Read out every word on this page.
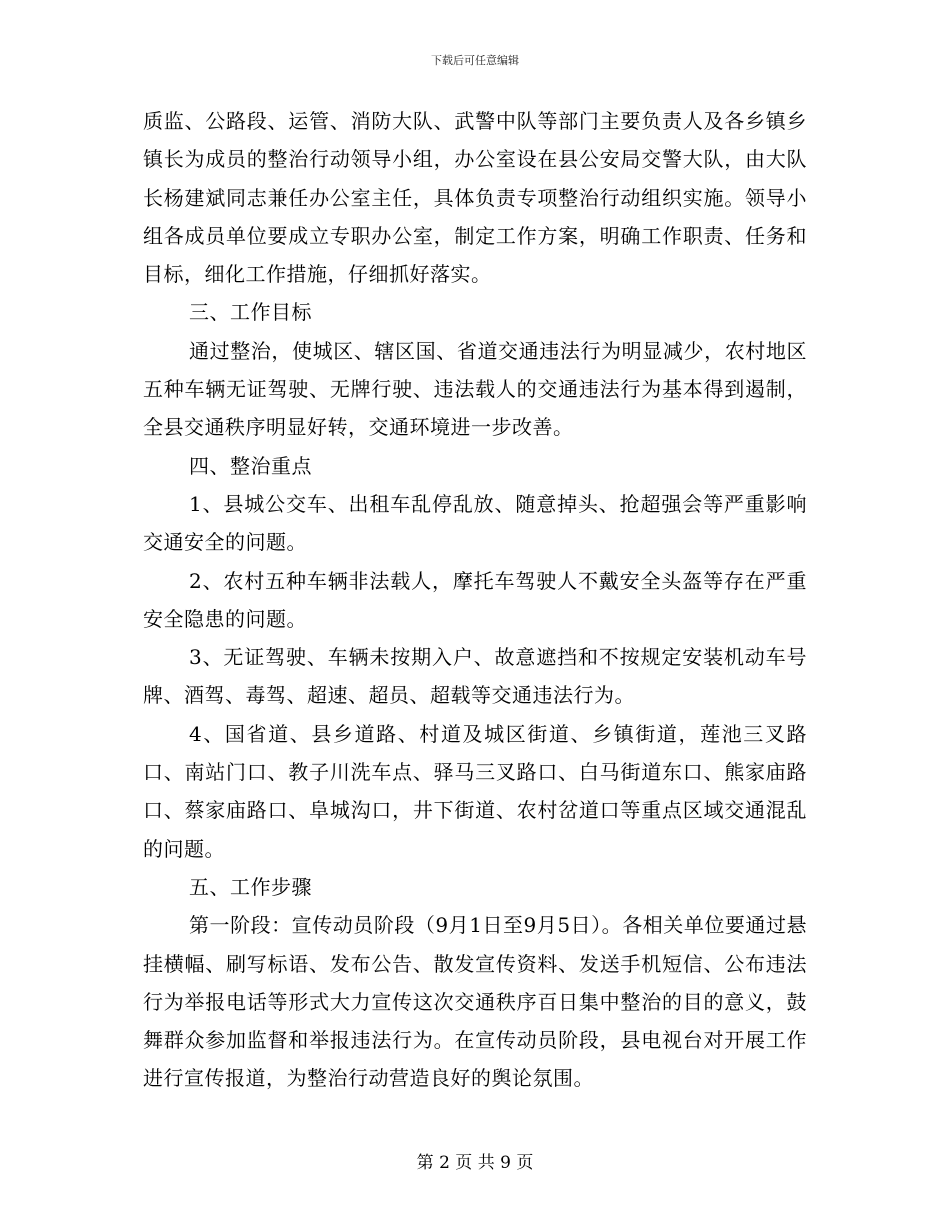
下载后可任意编辑

质监、公路段、运管、消防大队、武警中队等部门主要负责人及各乡镇乡镇长为成员的整治行动领导小组，办公室设在县公安局交警大队，由大队长杨建斌同志兼任办公室主任，具体负责专项整治行动组织实施。领导小组各成员单位要成立专职办公室，制定工作方案，明确工作职责、任务和目标，细化工作措施，仔细抓好落实。

三、工作目标

通过整治，使城区、辖区国、省道交通违法行为明显减少，农村地区五种车辆无证驾驶、无牌行驶、违法载人的交通违法行为基本得到遏制，全县交通秩序明显好转，交通环境进一步改善。

四、整治重点

1、县城公交车、出租车乱停乱放、随意掉头、抢超强会等严重影响交通安全的问题。

2、农村五种车辆非法载人，摩托车驾驶人不戴安全头盔等存在严重安全隐患的问题。

3、无证驾驶、车辆未按期入户、故意遮挡和不按规定安装机动车号牌、酒驾、毒驾、超速、超员、超载等交通违法行为。

4、国省道、县乡道路、村道及城区街道、乡镇街道，莲池三叉路口、南站门口、教子川洗车点、驿马三叉路口、白马街道东口、熊家庙路口、蔡家庙路口、阜城沟口，井下街道、农村岔道口等重点区域交通混乱的问题。

五、工作步骤

第一阶段：宣传动员阶段（9月1日至9月5日）。各相关单位要通过悬挂横幅、刷写标语、发布公告、散发宣传资料、发送手机短信、公布违法行为举报电话等形式大力宣传这次交通秩序百日集中整治的目的意义，鼓舞群众参加监督和举报违法行为。在宣传动员阶段，县电视台对开展工作进行宣传报道，为整治行动营造良好的舆论氛围。

第 2 页 共 9 页
